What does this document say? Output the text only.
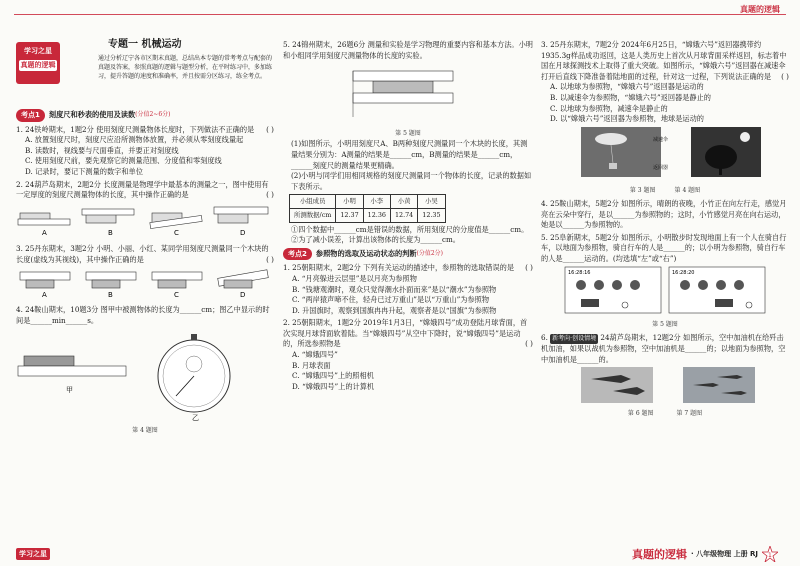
真题的逻辑
学习之星
真题的逻辑
专题一 机械运动
通过分析辽宁各市区期末真题，总结出本专题的常考考点与配套的真题及答案，参照真题的逻辑与题型分析，在平时练习中，多加练习，提升答题的速度和准确率，并且按需分区练习，练全考点。
考点1	刻度尺和秒表的使用及读数 (分值2~6分)
1. 24铁岭期末，1题2分 使用刻度尺测量物体长度时，下列做法不正确的是 ( )
A. 放置刻度尺时，刻度尺应沿所测物体放置，并必须从零刻度线量起
B. 读数时，视线要与尺面垂直，并要正对刻度线
C. 使用刻度尺前，要先观察它的测量范围、分度值和零刻度线
D. 记录时，要记下测量的数字和单位
2. 24葫芦岛期末，2题2分 长度测量是物理学中最基本的测量之一，图中使用有一定厚度的刻度尺测量物体的长度，其中操作正确的是	( )
A	B	C	D
3. 25丹东期末，3题2分 小明、小丽、小红、某同学用刻度尺测量同一个木块的长度(虚线为其视线)，其中操作正确的是	( )
A	B	C	D
4. 24鞍山期末，10题3分 图甲中被测物体的长度为______cm；图乙中显示的时间是______min______s。
甲
乙
第 4 题图
5. 24锦州期末，26题6分 测量和实验是学习物理的重要内容和基本方法。小明和小组同学用刻度尺测量物体的长度的实验。
第 5 题图
(1)如图所示，小明用刻度尺A、B两种刻度尺测量同一个木块的长度，其测量结果分别为：A测量的结果是______cm，B测量的结果是______cm，______刻度尺的测量结果更精确。
(2)小明与同学们用相同规格的刻度尺测量同一个物体的长度，记录的数据如下表所示。
小组成员	小明	小李	小黄	小吴
所测数据/cm	12.37	12.36	12.74	12.35
①四个数据中______cm是错误的数据，所用刻度尺的分度值是______cm。
②为了减小误差，计算出该物体的长度为______cm。
考点2	参照物的选取及运动状态的判断 (分值2分)
1. 25朝阳期末，2题2分 下列有关运动的描述中，参照物的选取错误的是 ( )
A. “月亮躲进云层里”是以月亮为参照物
B. “钱塘观潮时，观众只觉得潮水扑面而来”是以“潮水”为参照物
C. “两岸猿声啼不住，轻舟已过万重山”是以“万重山”为参照物
D. 升国旗时，观察到国旗冉冉升起，观察者是以“国旗”为参照物
2. 25朝阳期末，1题2分 2019年1月3日，“嫦娥四号”成功登陆月球背面，首次实现月球背面软着陆。当“嫦娥四号”从空中下降时，说“嫦娥四号”是运动的，所选参照物是	( )
A. “嫦娥四号”
B. 月球表面
C. “嫦娥四号”上的照相机
D. “嫦娥四号”上的计算机
3. 25丹东期末，7题2分 2024年6月25日，“嫦娥六号”返回器携带约1935.3g样品成功返回，这是人类历史上首次从月球背面采样返回，标志着中国在月球探测技术上取得了重大突破。如图所示，“嫦娥六号”返回器在减速伞打开后直线下降准备着陆地面的过程，针对这一过程，下列说法正确的是 ( )
A. 以地球为参照物，“嫦娥六号”返回器是运动的
B. 以减速伞为参照物，“嫦娥六号”返回器是静止的
C. 以地球为参照物，减速伞是静止的
D. 以“嫦娥六号”返回器为参照物，地球是运动的
减速伞
返回器
第 3 题图	第 4 题图
4. 25鞍山期末，5题2分 如图所示，晴朗的夜晚，小竹正在向左行走，感觉月亮在云朵中穿行，是以______为参照物的；这时，小竹感觉月亮在向右运动，她是以______为参照物的。
5. 25阜新期末，5题2分 如图所示，小明散步时发现地面上有一个人在骑自行车，以地面为参照物，骑自行车的人是______的；以小明为参照物，骑自行车的人是______运动的。(均选填“左”或“右”)
16:28:16	16:28:20
第 5 题图
6. 新考向·创设情境 24葫芦岛期末，12题2分 如图所示，空中加油机在给歼击机加油，如果以战机为参照物，空中加油机是______的；以地面为参照物，空中加油机是______的。
第 6 题图	第 7 题图
学习之星	真题的逻辑 · 八年级物理 上册 RJ 1
